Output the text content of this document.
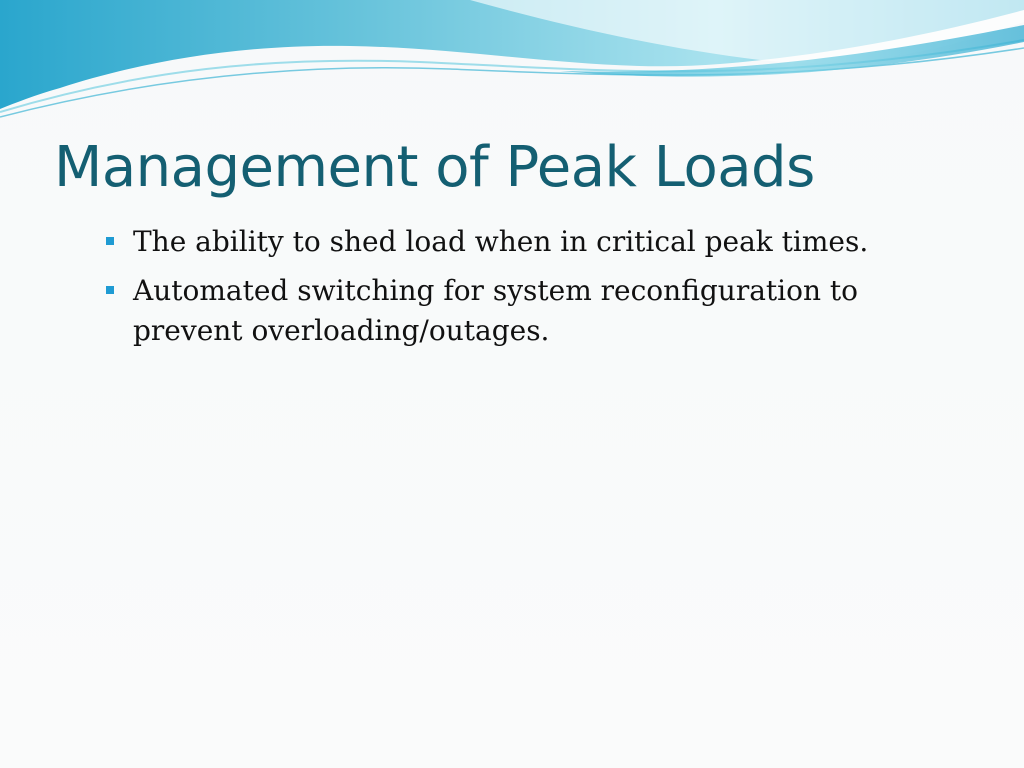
Management of Peak Loads
The ability to shed load when in critical peak times.
Automated switching for system reconfiguration to prevent overloading/outages.
